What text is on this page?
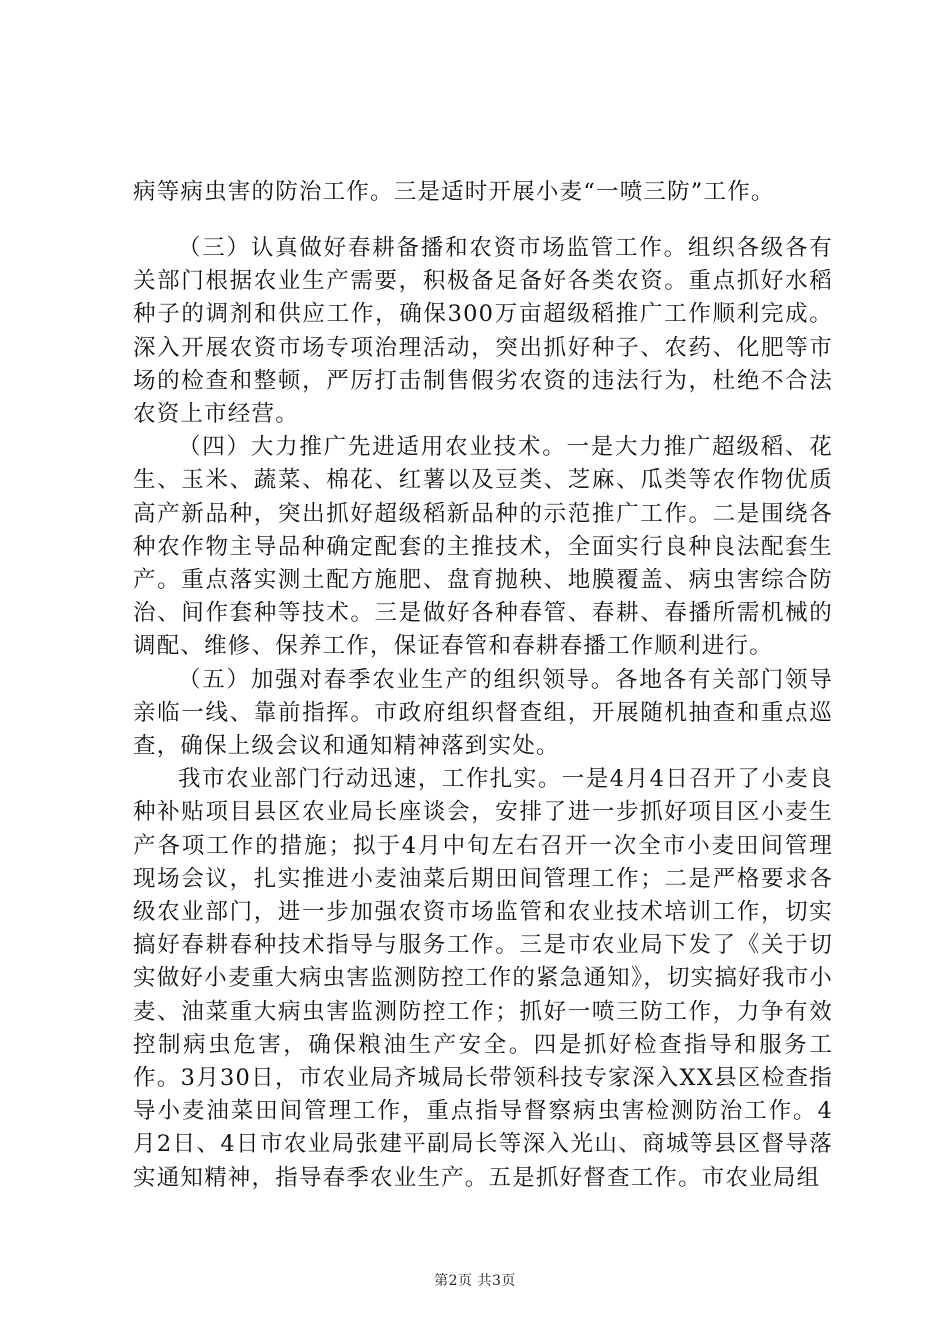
病等病虫害的防治工作。三是适时开展小麦“一喷三防”工作。

（三）认真做好春耕备播和农资市场监管工作。组织各级各有关部门根据农业生产需要，积极备足备好各类农资。重点抓好水稻种子的调剂和供应工作，确保300万亩超级稻推广工作顺利完成。深入开展农资市场专项治理活动，突出抓好种子、农药、化肥等市场的检查和整顿，严厉打击制售假劣农资的违法行为，杜绝不合法农资上市经营。

（四）大力推广先进适用农业技术。一是大力推广超级稻、花生、玉米、蔬菜、棉花、红薯以及豆类、芝麻、瓜类等农作物优质高产新品种，突出抓好超级稻新品种的示范推广工作。二是围绕各种农作物主导品种确定配套的主推技术，全面实行良种良法配套生产。重点落实测土配方施肥、盘育抛秧、地膜覆盖、病虫害综合防治、间作套种等技术。三是做好各种春管、春耕、春播所需机械的调配、维修、保养工作，保证春管和春耕春播工作顺利进行。

（五）加强对春季农业生产的组织领导。各地各有关部门领导亲临一线、靠前指挥。市政府组织督查组，开展随机抽查和重点巡查，确保上级会议和通知精神落到实处。

我市农业部门行动迅速，工作扎实。一是4月4日召开了小麦良种补贴项目县区农业局长座谈会，安排了进一步抓好项目区小麦生产各项工作的措施；拟于4月中旬左右召开一次全市小麦田间管理现场会议，扎实推进小麦油菜后期田间管理工作；二是严格要求各级农业部门，进一步加强农资市场监管和农业技术培训工作，切实搞好春耕春种技术指导与服务工作。三是市农业局下发了《关于切实做好小麦重大病虫害监测防控工作的紧急通知》，切实搞好我市小麦、油菜重大病虫害监测防控工作；抓好一喷三防工作，力争有效控制病虫危害，确保粮油生产安全。四是抓好检查指导和服务工作。3月30日，市农业局齐城局长带领科技专家深入XX县区检查指导小麦油菜田间管理工作，重点指导督察病虫害检测防治工作。4月2日、4日市农业局张建平副局长等深入光山、商城等县区督导落实通知精神，指导春季农业生产。五是抓好督查工作。市农业局组

第2页 共3页
